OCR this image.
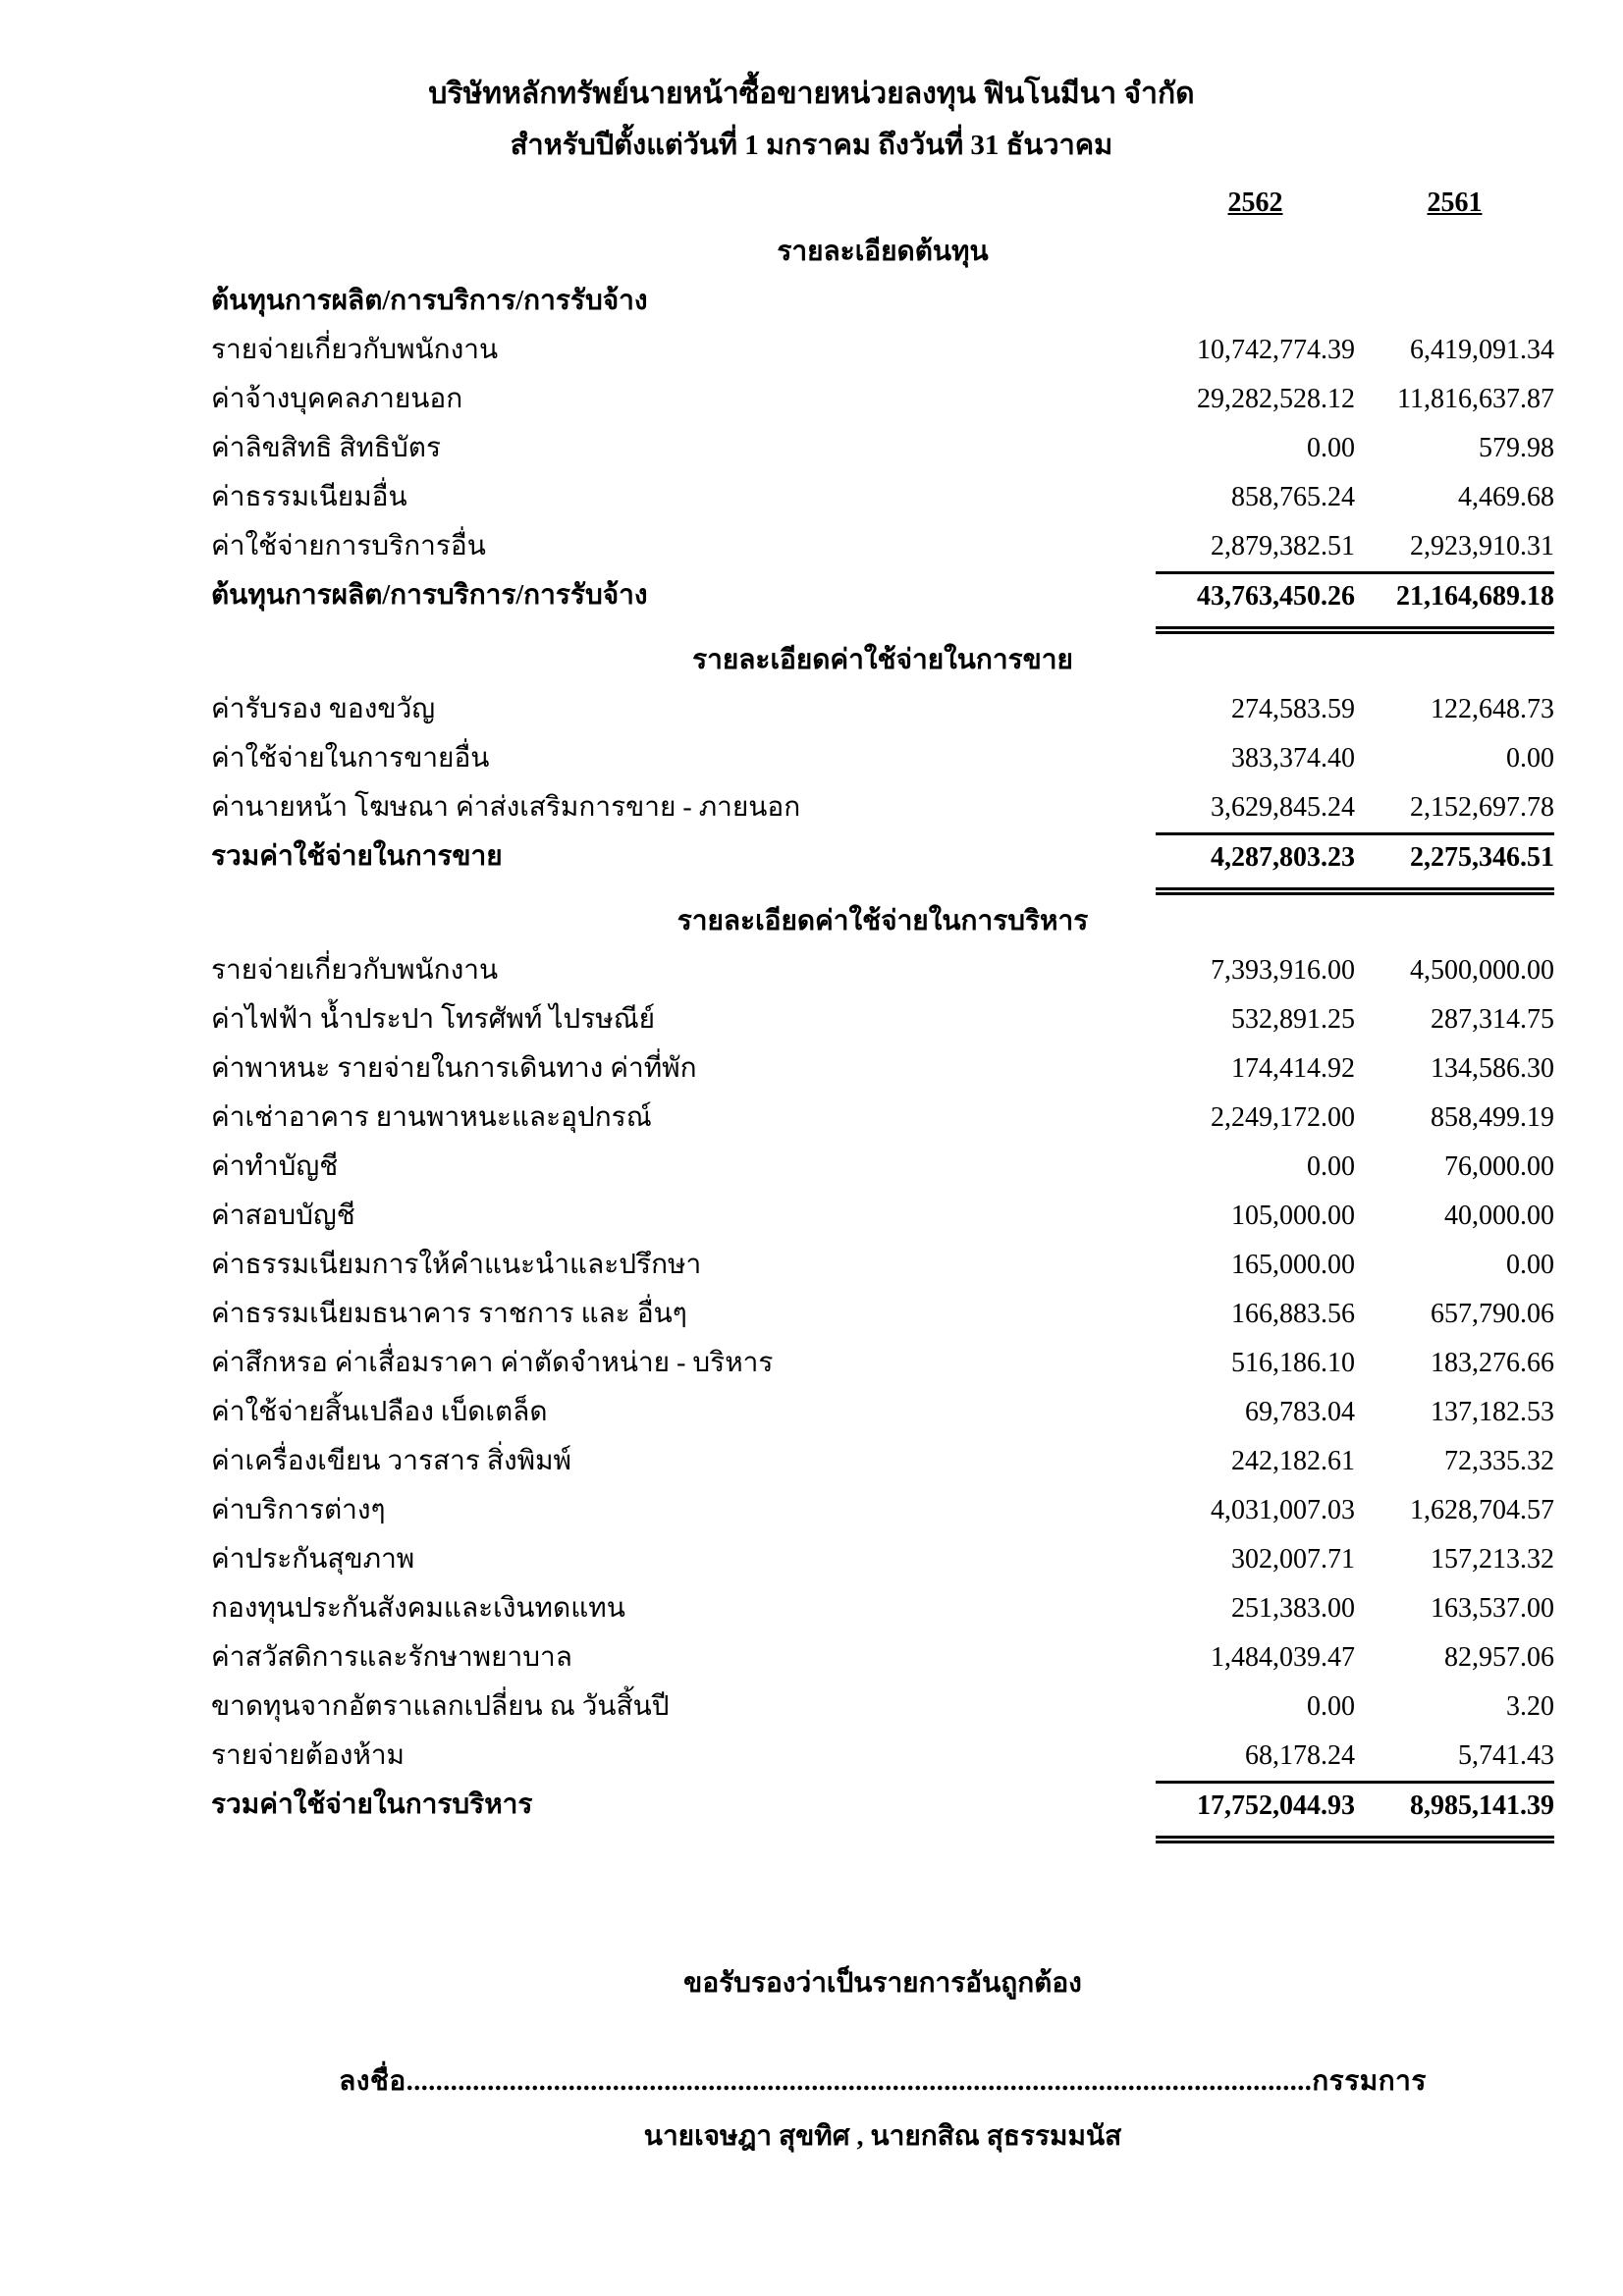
บริษัทหลักทรัพย์นายหน้าซื้อขายหน่วยลงทุน ฟินโนมีนา จำกัด
สำหรับปีตั้งแต่วันที่ 1 มกราคม ถึงวันที่ 31 ธันวาคม
2562	2561
รายละเอียดต้นทุน
ต้นทุนการผลิต/การบริการ/การรับจ้าง
รายจ่ายเกี่ยวกับพนักงาน	10,742,774.39	6,419,091.34
ค่าจ้างบุคคลภายนอก	29,282,528.12	11,816,637.87
ค่าลิขสิทธิ สิทธิบัตร	0.00	579.98
ค่าธรรมเนียมอื่น	858,765.24	4,469.68
ค่าใช้จ่ายการบริการอื่น	2,879,382.51	2,923,910.31
ต้นทุนการผลิต/การบริการ/การรับจ้าง	43,763,450.26	21,164,689.18
รายละเอียดค่าใช้จ่ายในการขาย
ค่ารับรอง ของขวัญ	274,583.59	122,648.73
ค่าใช้จ่ายในการขายอื่น	383,374.40	0.00
ค่านายหน้า โฆษณา ค่าส่งเสริมการขาย - ภายนอก	3,629,845.24	2,152,697.78
รวมค่าใช้จ่ายในการขาย	4,287,803.23	2,275,346.51
รายละเอียดค่าใช้จ่ายในการบริหาร
รายจ่ายเกี่ยวกับพนักงาน	7,393,916.00	4,500,000.00
ค่าไฟฟ้า น้ำประปา โทรศัพท์ ไปรษณีย์	532,891.25	287,314.75
ค่าพาหนะ รายจ่ายในการเดินทาง ค่าที่พัก	174,414.92	134,586.30
ค่าเช่าอาคาร ยานพาหนะและอุปกรณ์	2,249,172.00	858,499.19
ค่าทำบัญชี	0.00	76,000.00
ค่าสอบบัญชี	105,000.00	40,000.00
ค่าธรรมเนียมการให้คำแนะนำและปรึกษา	165,000.00	0.00
ค่าธรรมเนียมธนาคาร ราชการ และ อื่นๆ	166,883.56	657,790.06
ค่าสึกหรอ ค่าเสื่อมราคา ค่าตัดจำหน่าย - บริหาร	516,186.10	183,276.66
ค่าใช้จ่ายสิ้นเปลือง เบ็ดเตล็ด	69,783.04	137,182.53
ค่าเครื่องเขียน วารสาร สิ่งพิมพ์	242,182.61	72,335.32
ค่าบริการต่างๆ	4,031,007.03	1,628,704.57
ค่าประกันสุขภาพ	302,007.71	157,213.32
กองทุนประกันสังคมและเงินทดแทน	251,383.00	163,537.00
ค่าสวัสดิการและรักษาพยาบาล	1,484,039.47	82,957.06
ขาดทุนจากอัตราแลกเปลี่ยน ณ วันสิ้นปี	0.00	3.20
รายจ่ายต้องห้าม	68,178.24	5,741.43
รวมค่าใช้จ่ายในการบริหาร	17,752,044.93	8,985,141.39
ขอรับรองว่าเป็นรายการอันถูกต้อง
ลงชื่อ...........................................................................................................................กรรมการ
นายเจษฎา สุขทิศ , นายกสิณ สุธรรมมนัส
